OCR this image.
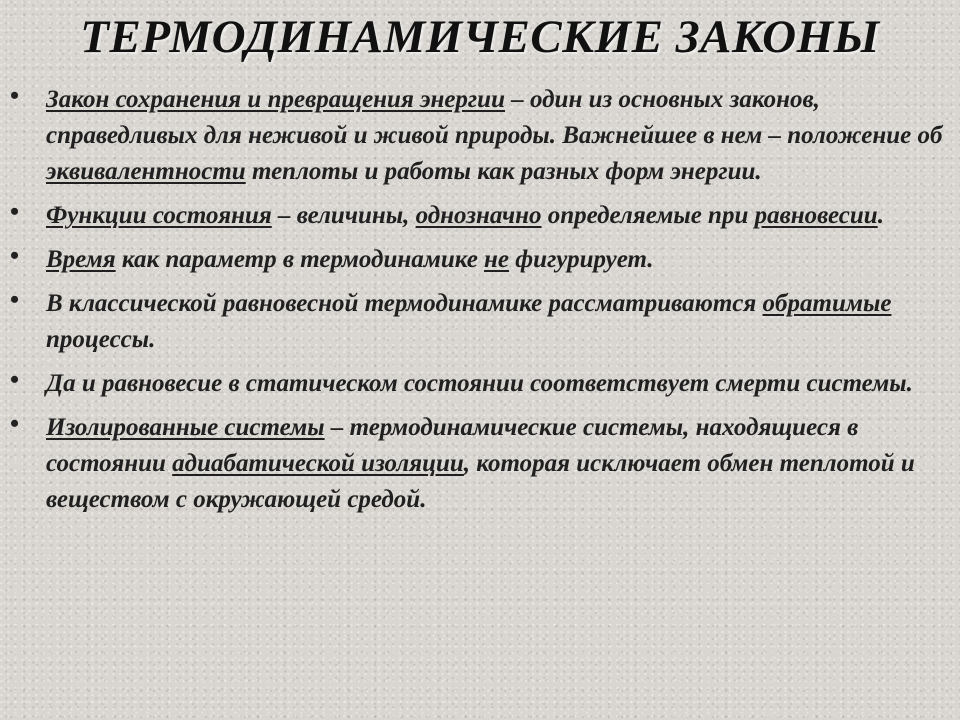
ТЕРМОДИНАМИЧЕСКИЕ ЗАКОНЫ
• Закон сохранения и превращения энергии – один из основных законов, справедливых для неживой и живой природы. Важнейшее в нем – положение об эквивалентности теплоты и работы как разных форм энергии.
• Функции состояния – величины, однозначно определяемые при равновесии.
• Время как параметр в термодинамике не фигурирует.
• В классической равновесной термодинамике рассматриваются обратимые процессы.
• Да и равновесие в статическом состоянии соответствует смерти системы.
• Изолированные системы – термодинамические системы, находящиеся в состоянии адиабатической изоляции, которая исключает обмен теплотой и веществом с окружающей средой.
